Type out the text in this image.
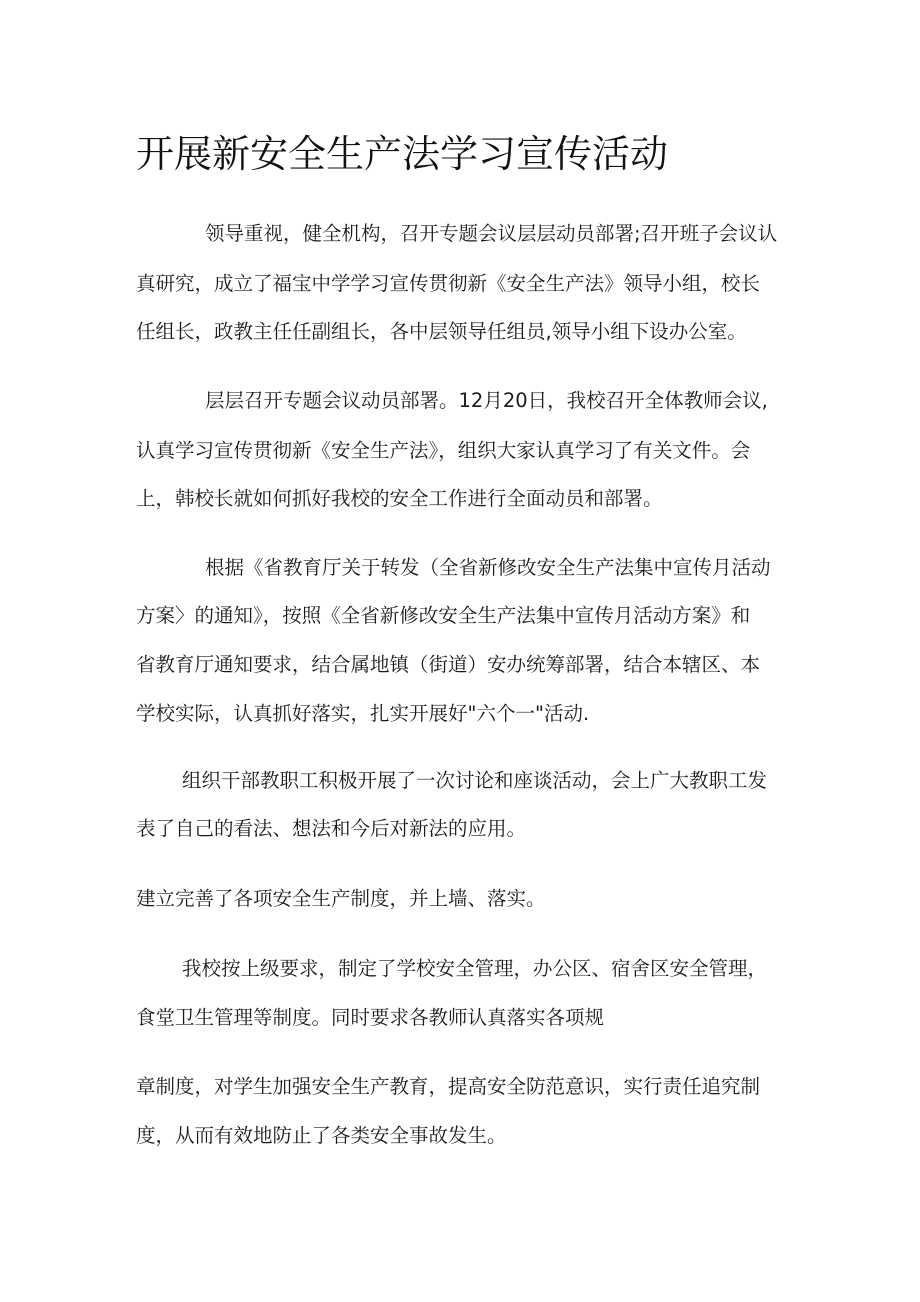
开展新安全生产法学习宣传活动

领导重视，健全机构，召开专题会议层层动员部署;召开班子会议认

真研究，成立了福宝中学学习宣传贯彻新《安全生产法》领导小组，校长

任组长，政教主任任副组长，各中层领导任组员,领导小组下设办公室。

层层召开专题会议动员部署。12月20日，我校召开全体教师会议,

认真学习宣传贯彻新《安全生产法》，组织大家认真学习了有关文件。会

上，韩校长就如何抓好我校的安全工作进行全面动员和部署。

根据《省教育厅关于转发（全省新修改安全生产法集中宣传月活动

方案〉的通知》，按照《全省新修改安全生产法集中宣传月活动方案》和

省教育厅通知要求，结合属地镇（街道）安办统筹部署，结合本辖区、本

学校实际，认真抓好落实，扎实开展好"六个一"活动.

组织干部教职工积极开展了一次讨论和座谈活动，会上广大教职工发

表了自己的看法、想法和今后对新法的应用。

建立完善了各项安全生产制度，并上墙、落实。

我校按上级要求，制定了学校安全管理，办公区、宿舍区安全管理，

食堂卫生管理等制度。同时要求各教师认真落实各项规

章制度，对学生加强安全生产教育，提高安全防范意识，实行责任追究制

度，从而有效地防止了各类安全事故发生。
